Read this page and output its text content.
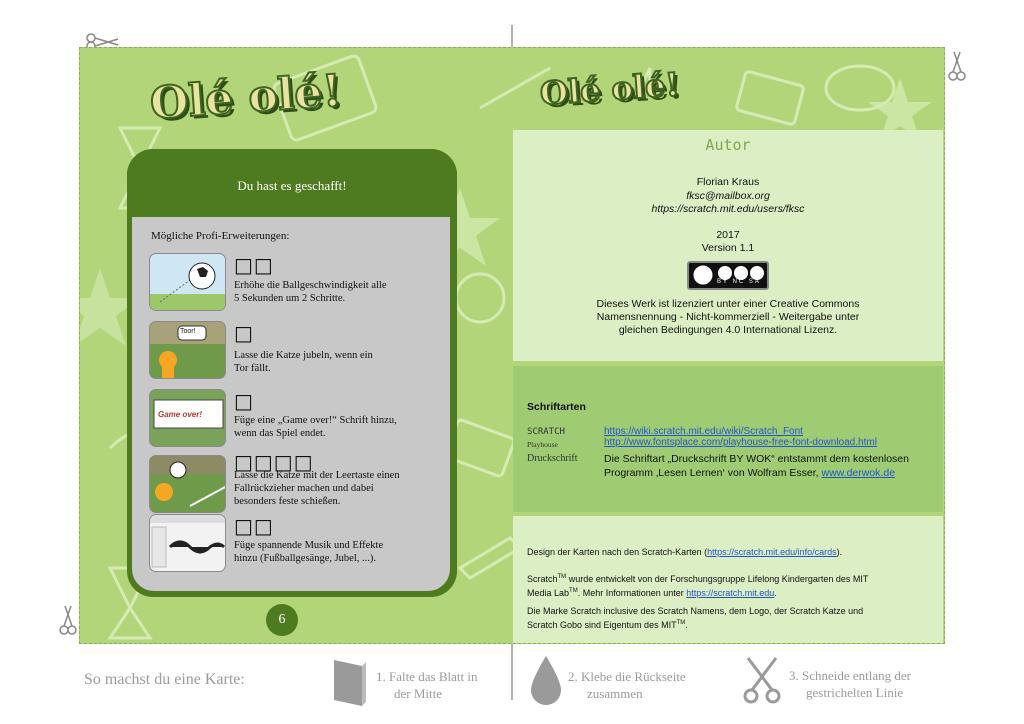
Olé olé!	Olé olé!
Du hast es geschafft!
Mögliche Profi-Erweiterungen:
□□
Erhöhe die Ballgeschwindigkeit alle
5 Sekunden um 2 Schritte.
Toor! □
Lasse die Katze jubeln, wenn ein
Tor fällt.
Game over!
□
Füge eine „Game over!“ Schrift hinzu,
wenn das Spiel endet.
□□□□
Lasse die Katze mit der Leertaste einen
Fallrückzieher machen und dabei
besonders feste schießen.
□□
Füge spannende Musik und Effekte
hinzu (Fußballgesänge, Jubel, ...).
6
Autor
Florian Kraus
fksc@mailbox.org
https://scratch.mit.edu/users/fksc
2017
Version 1.1
BY NC SA
Dieses Werk ist lizenziert unter einer Creative Commons
Namensnennung - Nicht-kommerziell - Weitergabe unter
gleichen Bedingungen 4.0 International Lizenz.
Schriftarten
SCRATCH	https://wiki.scratch.mit.edu/wiki/Scratch_Font
Playhouse	http://www.fontsplace.com/playhouse-free-font-download.html
Druckschrift	Die Schriftart „Druckschrift BY WOK“ entstammt dem kostenlosen
Programm ‚Lesen Lernen‘ von Wolfram Esser, www.derwok.de
Design der Karten nach den Scratch-Karten (https://scratch.mit.edu/info/cards).
Scratch™ wurde entwickelt von der Forschungsgruppe Lifelong Kindergarten des MIT
Media Lab™. Mehr Informationen unter https://scratch.mit.edu.
Die Marke Scratch inclusive des Scratch Namens, dem Logo, der Scratch Katze und
Scratch Gobo sind Eigentum des MIT™.
So machst du eine Karte:	1. Falte das Blatt in
der Mitte
2. Klebe die Rückseite
zusammen
3. Schneide entlang der
gestrichelten Linie
